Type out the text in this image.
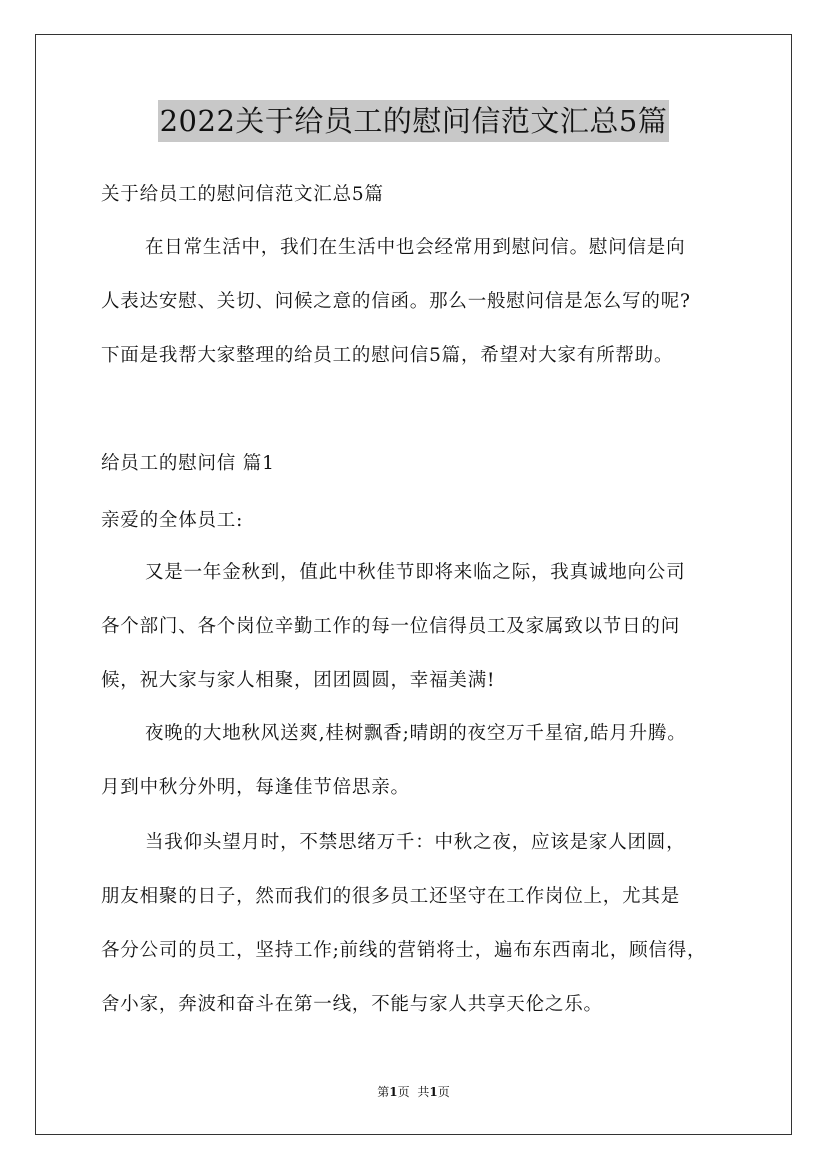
2022关于给员工的慰问信范文汇总5篇
关于给员工的慰问信范文汇总5篇
在日常生活中，我们在生活中也会经常用到慰问信。慰问信是向
人表达安慰、关切、问候之意的信函。那么一般慰问信是怎么写的呢?
下面是我帮大家整理的给员工的慰问信5篇，希望对大家有所帮助。
给员工的慰问信 篇1
亲爱的全体员工:
又是一年金秋到，值此中秋佳节即将来临之际，我真诚地向公司
各个部门、各个岗位辛勤工作的每一位信得员工及家属致以节日的问
候，祝大家与家人相聚，团团圆圆，幸福美满!
夜晚的大地秋风送爽,桂树飘香;晴朗的夜空万千星宿,皓月升腾。
月到中秋分外明，每逢佳节倍思亲。
当我仰头望月时，不禁思绪万千：中秋之夜，应该是家人团圆，
朋友相聚的日子，然而我们的很多员工还坚守在工作岗位上，尤其是
各分公司的员工，坚持工作;前线的营销将士，遍布东西南北，顾信得，
舍小家，奔波和奋斗在第一线，不能与家人共享天伦之乐。
第1页 共1页
